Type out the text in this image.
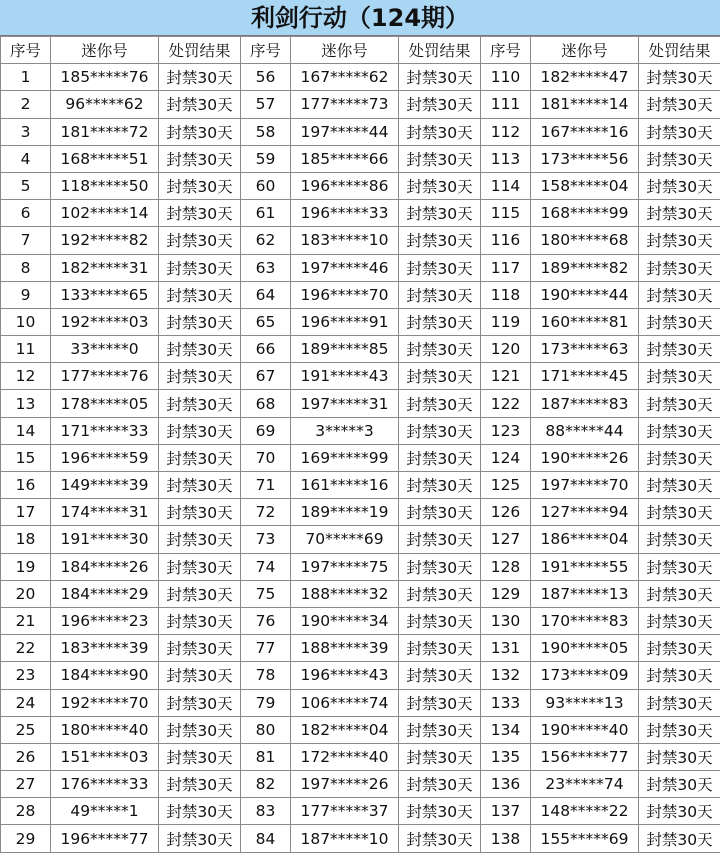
利剑行动（124期）
序号	迷你号	处罚结果	序号	迷你号	处罚结果	序号	迷你号	处罚结果
1	185*****76	封禁30天	56	167*****62	封禁30天	110	182*****47	封禁30天
2	96*****62	封禁30天	57	177*****73	封禁30天	111	181*****14	封禁30天
3	181*****72	封禁30天	58	197*****44	封禁30天	112	167*****16	封禁30天
4	168*****51	封禁30天	59	185*****66	封禁30天	113	173*****56	封禁30天
5	118*****50	封禁30天	60	196*****86	封禁30天	114	158*****04	封禁30天
6	102*****14	封禁30天	61	196*****33	封禁30天	115	168*****99	封禁30天
7	192*****82	封禁30天	62	183*****10	封禁30天	116	180*****68	封禁30天
8	182*****31	封禁30天	63	197*****46	封禁30天	117	189*****82	封禁30天
9	133*****65	封禁30天	64	196*****70	封禁30天	118	190*****44	封禁30天
10	192*****03	封禁30天	65	196*****91	封禁30天	119	160*****81	封禁30天
11	33*****0	封禁30天	66	189*****85	封禁30天	120	173*****63	封禁30天
12	177*****76	封禁30天	67	191*****43	封禁30天	121	171*****45	封禁30天
13	178*****05	封禁30天	68	197*****31	封禁30天	122	187*****83	封禁30天
14	171*****33	封禁30天	69	3*****3	封禁30天	123	88*****44	封禁30天
15	196*****59	封禁30天	70	169*****99	封禁30天	124	190*****26	封禁30天
16	149*****39	封禁30天	71	161*****16	封禁30天	125	197*****70	封禁30天
17	174*****31	封禁30天	72	189*****19	封禁30天	126	127*****94	封禁30天
18	191*****30	封禁30天	73	70*****69	封禁30天	127	186*****04	封禁30天
19	184*****26	封禁30天	74	197*****75	封禁30天	128	191*****55	封禁30天
20	184*****29	封禁30天	75	188*****32	封禁30天	129	187*****13	封禁30天
21	196*****23	封禁30天	76	190*****34	封禁30天	130	170*****83	封禁30天
22	183*****39	封禁30天	77	188*****39	封禁30天	131	190*****05	封禁30天
23	184*****90	封禁30天	78	196*****43	封禁30天	132	173*****09	封禁30天
24	192*****70	封禁30天	79	106*****74	封禁30天	133	93*****13	封禁30天
25	180*****40	封禁30天	80	182*****04	封禁30天	134	190*****40	封禁30天
26	151*****03	封禁30天	81	172*****40	封禁30天	135	156*****77	封禁30天
27	176*****33	封禁30天	82	197*****26	封禁30天	136	23*****74	封禁30天
28	49*****1	封禁30天	83	177*****37	封禁30天	137	148*****22	封禁30天
29	196*****77	封禁30天	84	187*****10	封禁30天	138	155*****69	封禁30天
